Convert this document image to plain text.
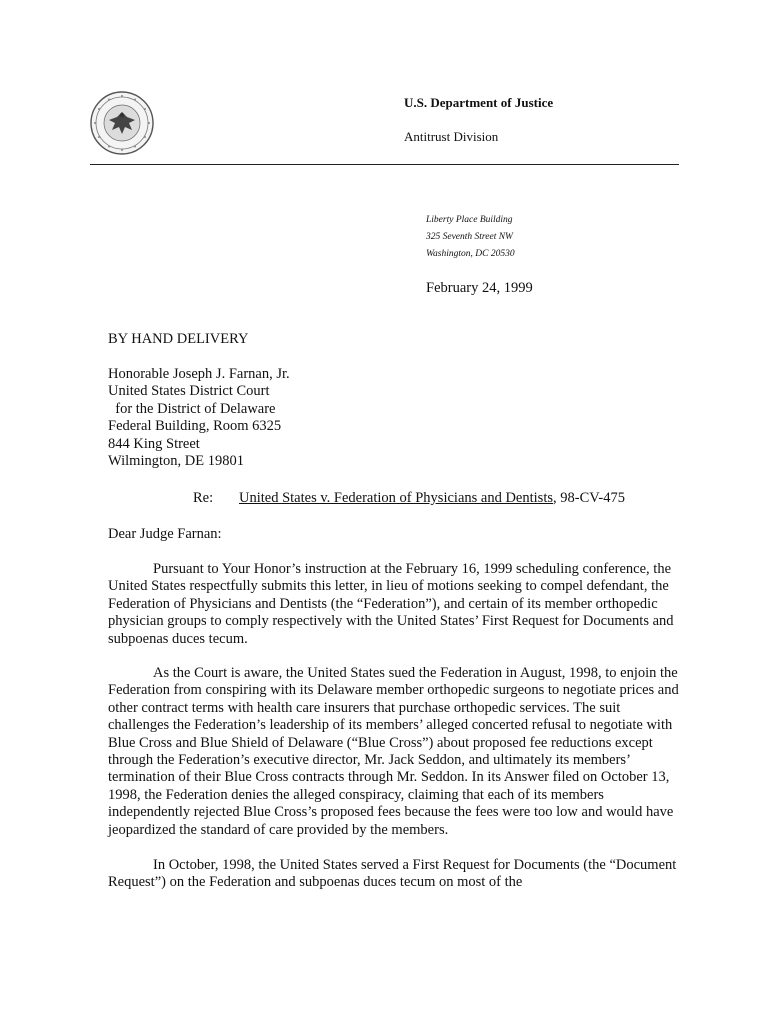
U.S. Department of Justice
Antitrust Division
Liberty Place Building
325 Seventh Street NW
Washington, DC 20530
February 24, 1999
BY HAND DELIVERY
Honorable Joseph J. Farnan, Jr.
United States District Court
for the District of Delaware
Federal Building, Room 6325
844 King Street
Wilmington, DE 19801
Re: United States v. Federation of Physicians and Dentists, 98-CV-475
Dear Judge Farnan:

Pursuant to Your Honor’s instruction at the February 16, 1999 scheduling conference, the United States respectfully submits this letter, in lieu of motions seeking to compel defendant, the Federation of Physicians and Dentists (the “Federation”), and certain of its member orthopedic physician groups to comply respectively with the United States’ First Request for Documents and subpoenas duces tecum.

As the Court is aware, the United States sued the Federation in August, 1998, to enjoin the Federation from conspiring with its Delaware member orthopedic surgeons to negotiate prices and other contract terms with health care insurers that purchase orthopedic services. The suit challenges the Federation’s leadership of its members’ alleged concerted refusal to negotiate with Blue Cross and Blue Shield of Delaware (“Blue Cross”) about proposed fee reductions except through the Federation’s executive director, Mr. Jack Seddon, and ultimately its members’ termination of their Blue Cross contracts through Mr. Seddon. In its Answer filed on October 13, 1998, the Federation denies the alleged conspiracy, claiming that each of its members independently rejected Blue Cross’s proposed fees because the fees were too low and would have jeopardized the standard of care provided by the members.

In October, 1998, the United States served a First Request for Documents (the “Document Request”) on the Federation and subpoenas duces tecum on most of the
